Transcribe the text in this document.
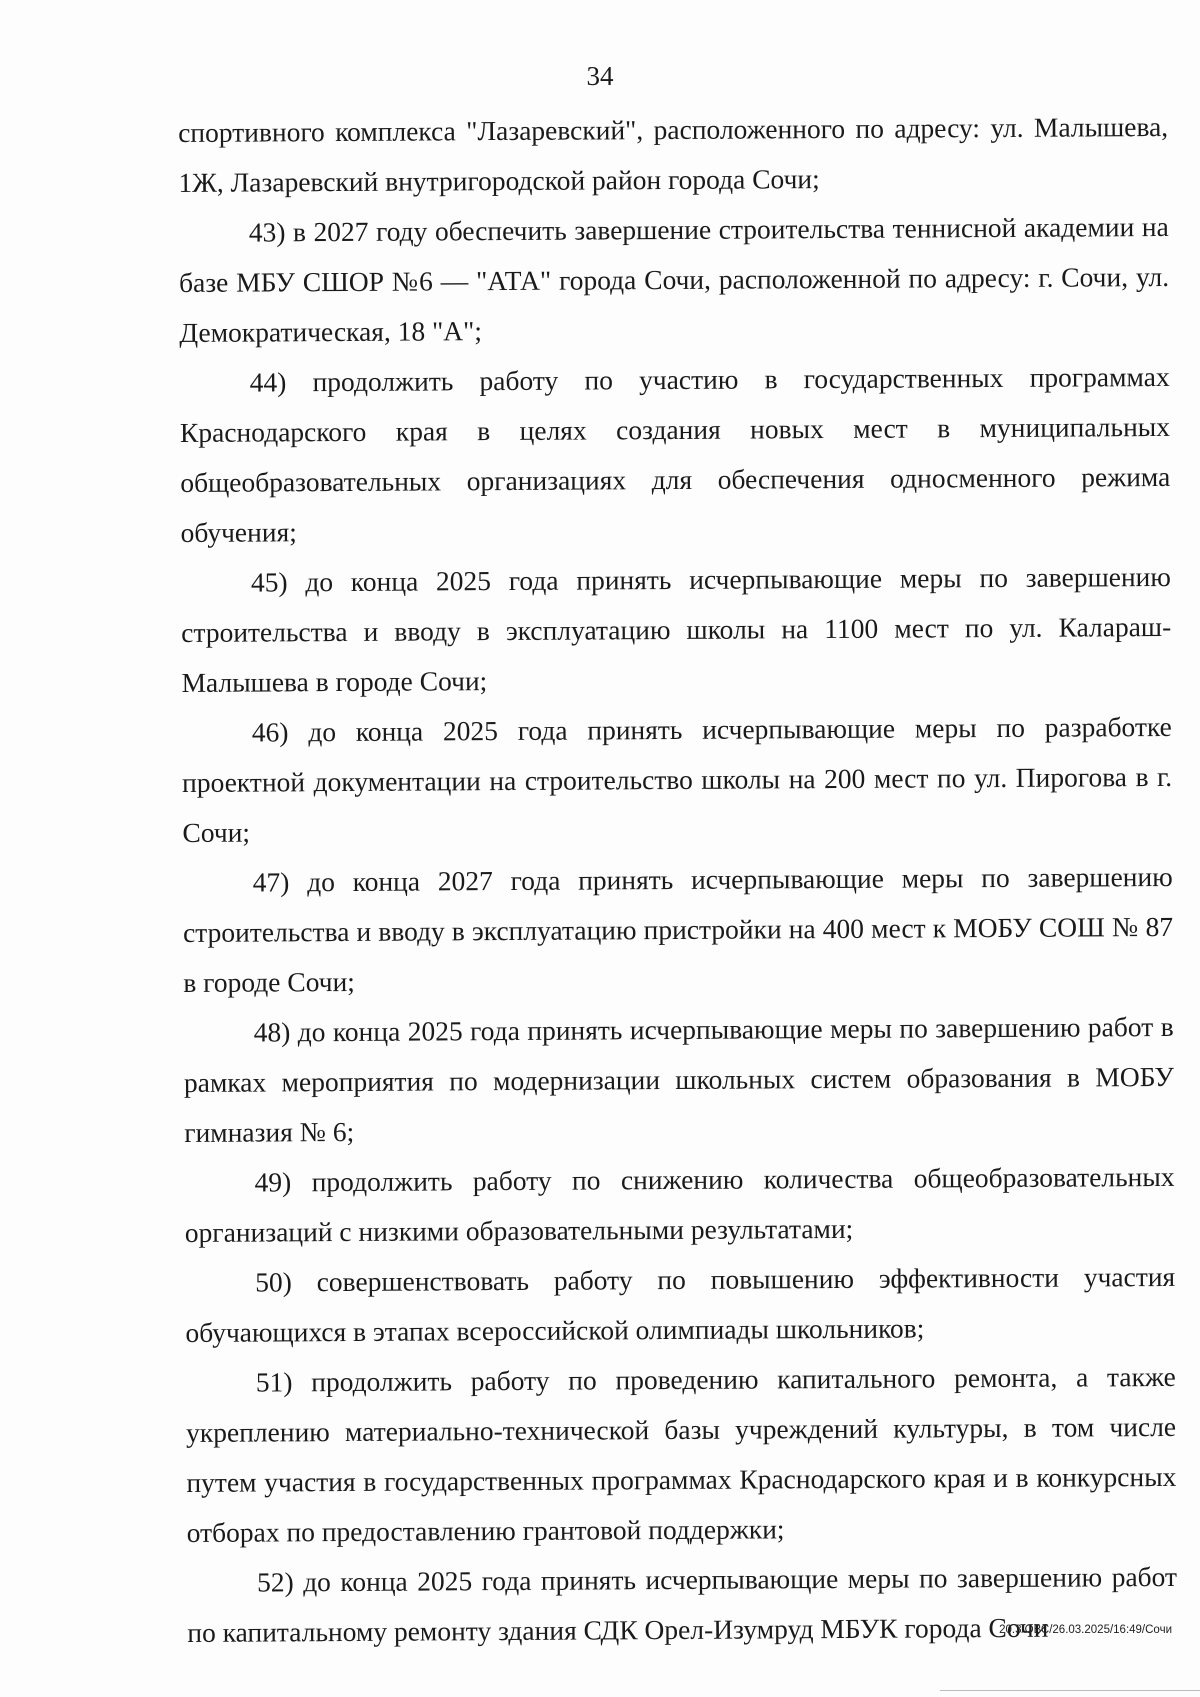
34

спортивного комплекса "Лазаревский", расположенного по адресу: ул. Малышева, 1Ж, Лазаревский внутригородской район города Сочи;

43) в 2027 году обеспечить завершение строительства теннисной академии на базе МБУ СШОР №6 — "АТА" города Сочи, расположенной по адресу: г. Сочи, ул. Демократическая, 18 "А";

44) продолжить работу по участию в государственных программах Краснодарского края в целях создания новых мест в муниципальных общеобразовательных организациях для обеспечения односменного режима обучения;

45) до конца 2025 года принять исчерпывающие меры по завершению строительства и вводу в эксплуатацию школы на 1100 мест по ул. Калараш-Малышева в городе Сочи;

46) до конца 2025 года принять исчерпывающие меры по разработке проектной документации на строительство школы на 200 мест по ул. Пирогова в г. Сочи;

47) до конца 2027 года принять исчерпывающие меры по завершению строительства и вводу в эксплуатацию пристройки на 400 мест к МОБУ СОШ № 87 в городе Сочи;

48) до конца 2025 года принять исчерпывающие меры по завершению работ в рамках мероприятия по модернизации школьных систем образования в МОБУ гимназия № 6;

49) продолжить работу по снижению количества общеобразовательных организаций с низкими образовательными результатами;

50) совершенствовать работу по повышению эффективности участия обучающихся в этапах всероссийской олимпиады школьников;

51) продолжить работу по проведению капитального ремонта, а также укреплению материально-технической базы учреждений культуры, в том числе путем участия в государственных программах Краснодарского края и в конкурсных отборах по предоставлению грантовой поддержки;

52) до конца 2025 года принять исчерпывающие меры по завершению работ по капитальному ремонту здания СДК Орел-Изумруд МБУК города Сочи

20.3/ОВС/26.03.2025/16:49/Сочи
